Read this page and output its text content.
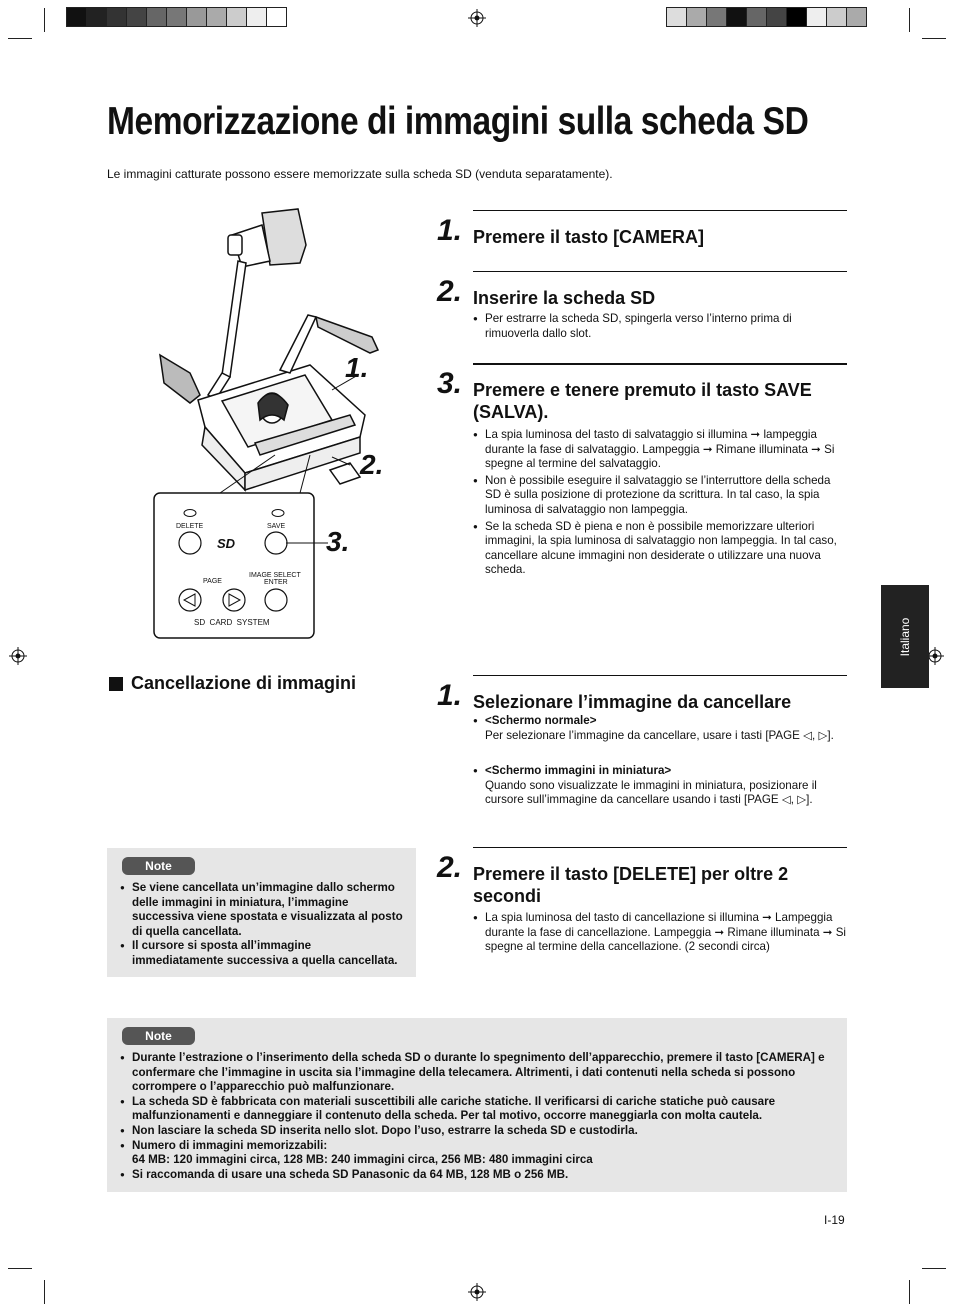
Memorizzazione di immagini sulla scheda SD
Le immagini catturate possono essere memorizzate sulla scheda SD (venduta separatamente).
SD
1.
2.
3.
DELETE	SAVE
PAGE
IMAGE SELECT
ENTER
SD  CARD  SYSTEM
1. Premere il tasto [CAMERA]
2. Inserire la scheda SD
● Per estrarre la scheda SD, spingerla verso l’interno prima di rimuoverla dallo slot.
3. Premere e tenere premuto il tasto SAVE (SALVA).
● La spia luminosa del tasto di salvataggio si illumina ➞ lampeggia durante la fase di salvataggio. Lampeggia ➞ Rimane illuminata ➞ Si spegne al termine del salvataggio.
● Non è possibile eseguire il salvataggio se l’interruttore della scheda SD è sulla posizione di protezione da scrittura. In tal caso, la spia luminosa di salvataggio non lampeggia.
● Se la scheda SD è piena e non è possibile memorizzare ulteriori immagini, la spia luminosa di salvataggio non lampeggia. In tal caso, cancellare alcune immagini non desiderate o utilizzare una nuova scheda.
Italiano
Cancellazione di immagini	1. Selezionare l’immagine da cancellare
● <Schermo normale>
Per selezionare l’immagine da cancellare, usare i tasti [PAGE ◁, ▷].
● <Schermo immagini in miniatura>
Quando sono visualizzate le immagini in miniatura, posizionare il cursore sull’immagine da cancellare usando i tasti [PAGE ◁, ▷].
2. Premere il tasto [DELETE] per oltre 2 secondi
● La spia luminosa del tasto di cancellazione si illumina ➞ Lampeggia durante la fase di cancellazione. Lampeggia ➞ Rimane illuminata ➞ Si spegne al termine della cancellazione. (2 secondi circa)
Note
● Se viene cancellata un’immagine dallo schermo delle immagini in miniatura, l’immagine successiva viene spostata e visualizzata al posto di quella cancellata.
● Il cursore si sposta all’immagine immediatamente successiva a quella cancellata.
Note
● Durante l’estrazione o l’inserimento della scheda SD o durante lo spegnimento dell’apparecchio, premere il tasto [CAMERA] e confermare che l’immagine in uscita sia l’immagine della telecamera. Altrimenti, i dati contenuti nella scheda si possono corrompere o l’apparecchio può malfunzionare.
● La scheda SD è fabbricata con materiali suscettibili alle cariche statiche. Il verificarsi di cariche statiche può causare malfunzionamenti e danneggiare il contenuto della scheda. Per tal motivo, occorre maneggiarla con molta cautela.
● Non lasciare la scheda SD inserita nello slot. Dopo l’uso, estrarre la scheda SD e custodirla.
● Numero di immagini memorizzabili:
64 MB: 120 immagini circa, 128 MB: 240 immagini circa, 256 MB: 480 immagini circa
● Si raccomanda di usare una scheda SD Panasonic da 64 MB, 128 MB o 256 MB.
I-19
